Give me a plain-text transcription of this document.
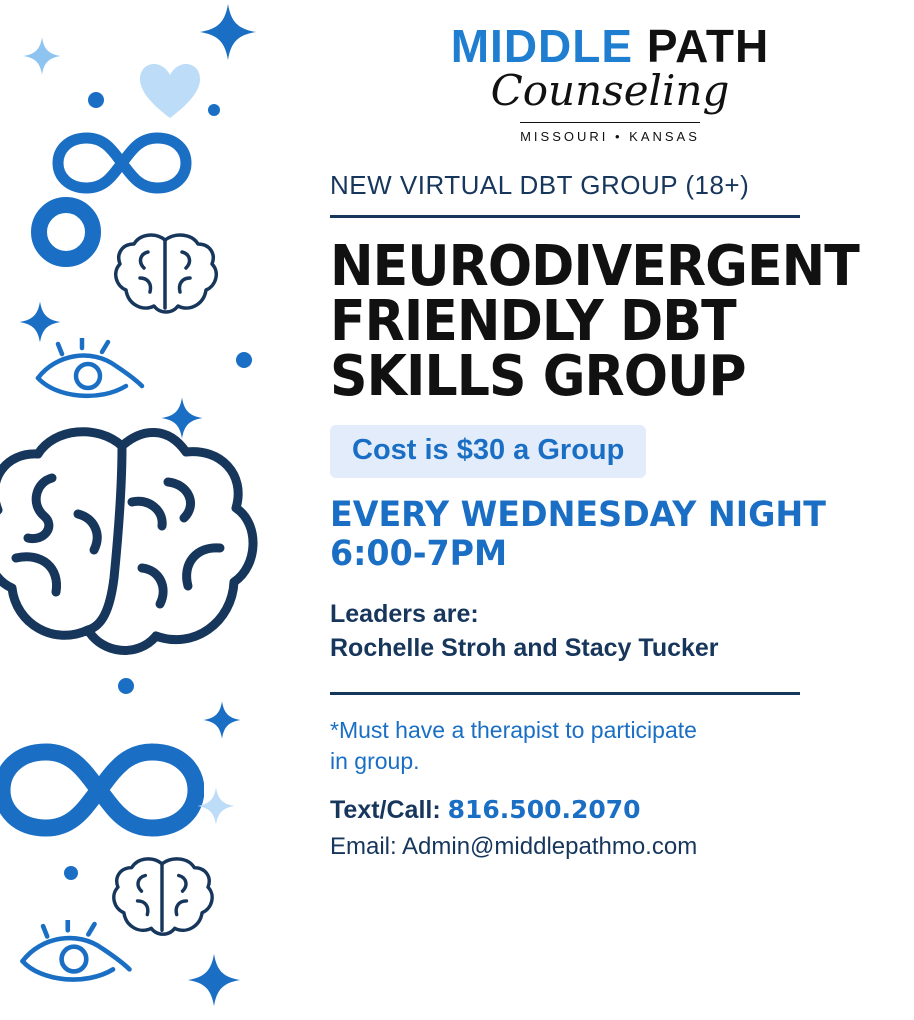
MIDDLE PATH
Counseling
MISSOURI • KANSAS
NEW VIRTUAL DBT GROUP (18+)
NEURODIVERGENT
FRIENDLY DBT
SKILLS GROUP
Cost is $30 a Group
EVERY WEDNESDAY NIGHT
6:00-7PM
Leaders are:
Rochelle Stroh and Stacy Tucker
*Must have a therapist to participate
in group.
Text/Call: 816.500.2070
Email: Admin@middlepathmo.com
